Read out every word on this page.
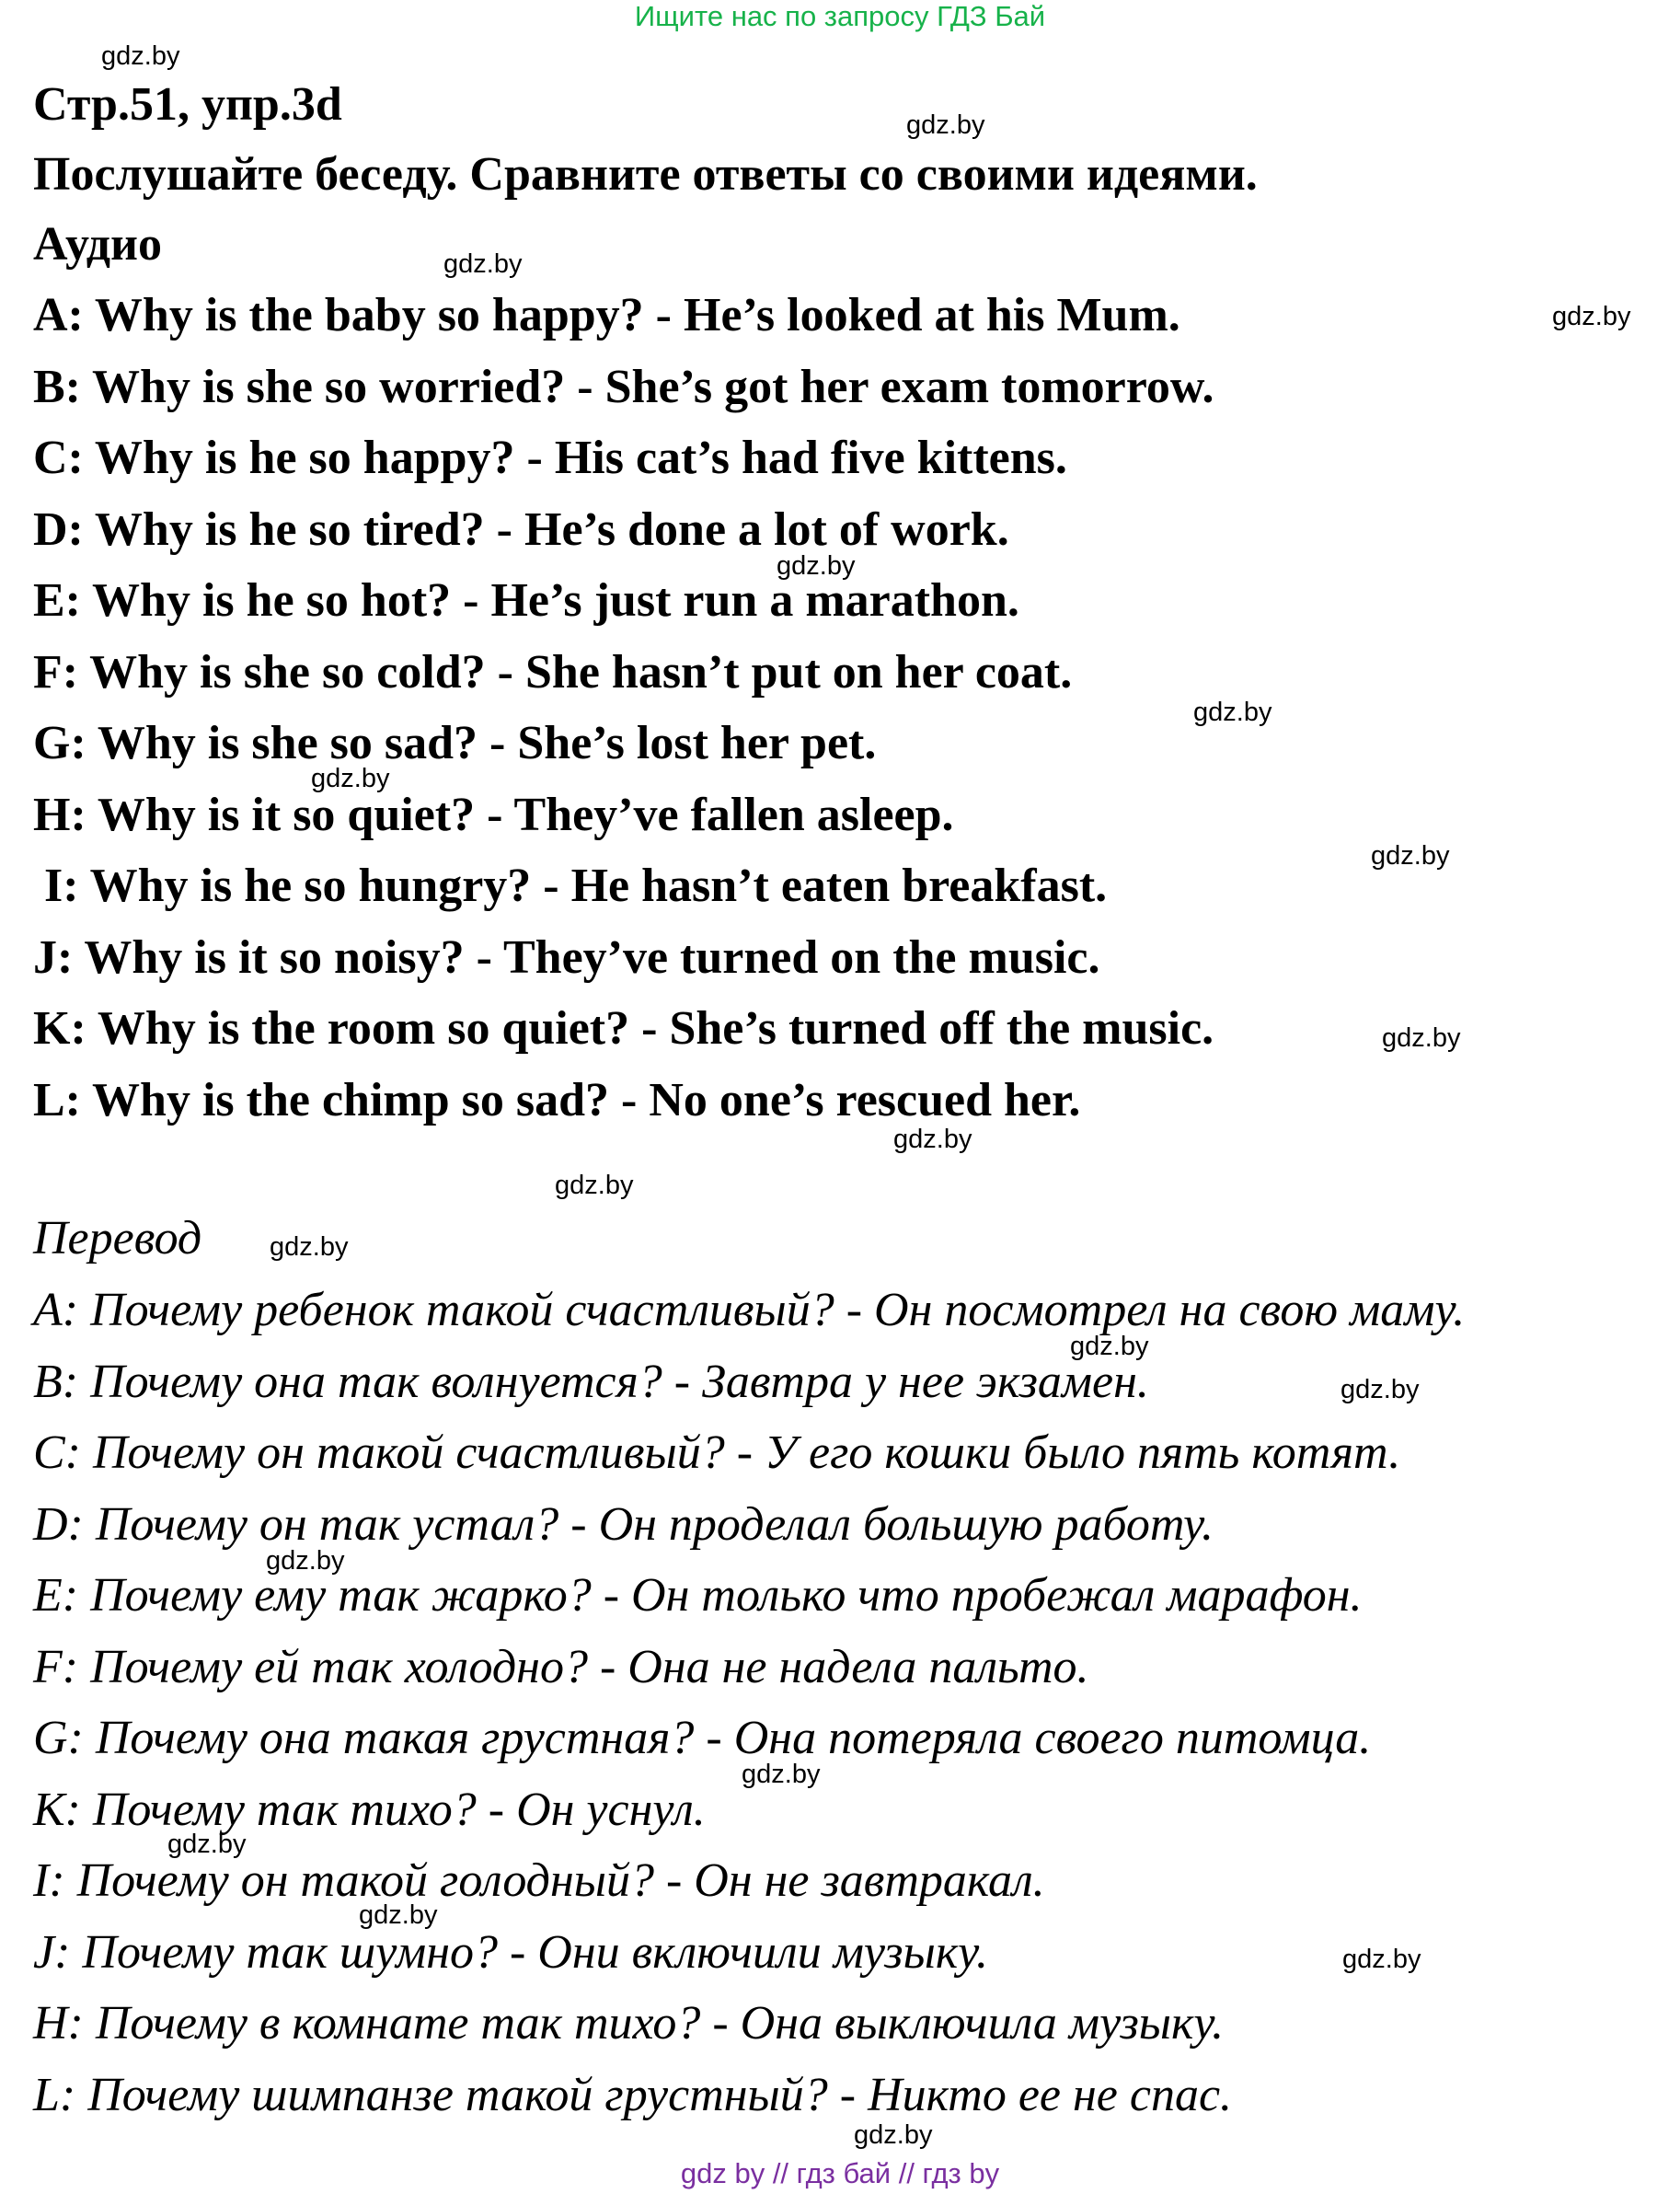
Ищите нас по запросу ГДЗ Бай
Стр.51, упр.3d
Послушайте беседу. Сравните ответы со своими идеями.
Аудио
A: Why is the baby so happy? - He’s looked at his Mum.
B: Why is she so worried? - She’s got her exam tomorrow.
C: Why is he so happy? - His cat’s had five kittens.
D: Why is he so tired? - He’s done a lot of work.
E: Why is he so hot? - He’s just run a marathon.
F: Why is she so cold? - She hasn’t put on her coat.
G: Why is she so sad? - She’s lost her pet.
H: Why is it so quiet? - They’ve fallen asleep.
I: Why is he so hungry? - He hasn’t eaten breakfast.
J: Why is it so noisy? - They’ve turned on the music.
K: Why is the room so quiet? - She’s turned off the music.
L: Why is the chimp so sad? - No one’s rescued her.
Перевод
А: Почему ребенок такой счастливый? - Он посмотрел на свою маму.
B: Почему она так волнуется? - Завтра у нее экзамен.
С: Почему он такой счастливый? - У его кошки было пять котят.
D: Почему он так устал? - Он проделал большую работу.
Е: Почему ему так жарко? - Он только что пробежал марафон.
F: Почему ей так холодно? - Она не надела пальто.
G: Почему она такая грустная? - Она потеряла своего питомца.
К: Почему так тихо? - Он уснул.
I: Почему он такой голодный? - Он не завтракал.
J: Почему так шумно? - Они включили музыку.
Н: Почему в комнате так тихо? - Она выключила музыку.
L: Почему шимпанзе такой грустный? - Никто ее не спас.
gdz.by
gdz.by
gdz.by
gdz.by
gdz.by
gdz.by
gdz.by
gdz.by
gdz.by
gdz.by
gdz.by
gdz.by
gdz.by
gdz.by
gdz.by
gdz.by
gdz.by
gdz.by
gdz.by
gdz.by
gdz by // гдз бай // гдз by
